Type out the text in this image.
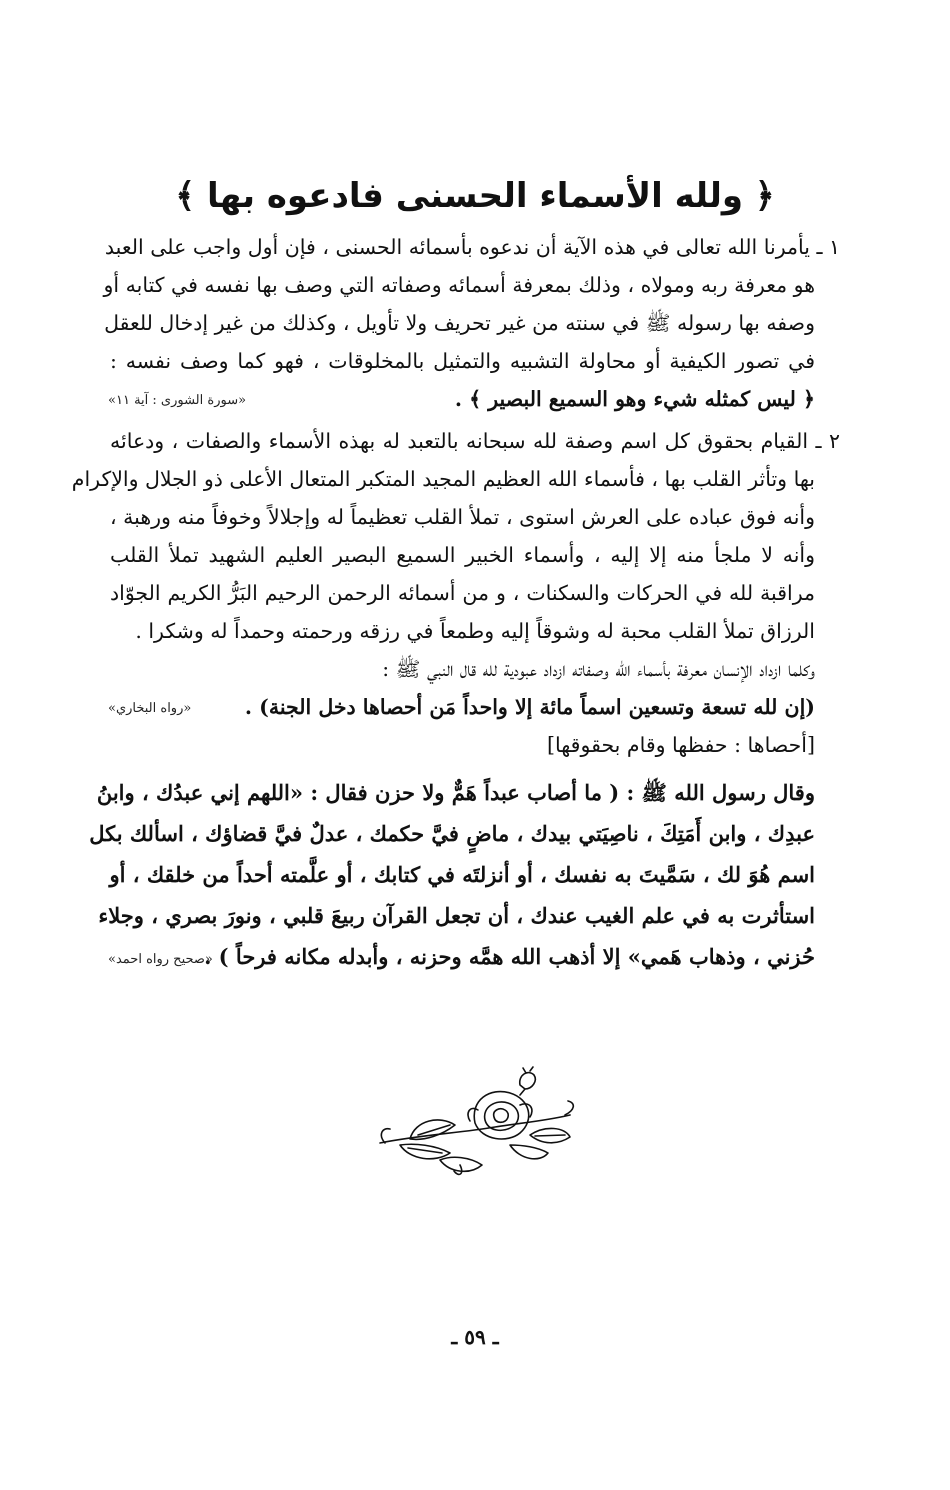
﴿ ولله الأسماء الحسنى فادعوه بها ﴾
١ ـ يأمرنا الله تعالى في هذه الآية أن ندعوه بأسمائه الحسنى ، فإن أول واجب على العبد
هو معرفة ربه ومولاه ، وذلك بمعرفة أسمائه وصفاته التي وصف بها نفسه في كتابه أو
وصفه بها رسوله ﷺ في سنته من غير تحريف ولا تأويل ، وكذلك من غير إدخال للعقل
في تصور الكيفية أو محاولة التشبيه والتمثيل بالمخلوقات ، فهو كما وصف نفسه :
﴿ ليس كمثله شيء وهو السميع البصير ﴾ .
«سورة الشورى : آية ١١»
٢ ـ القيام بحقوق كل اسم وصفة لله سبحانه بالتعبد له بهذه الأسماء والصفات ، ودعائه
بها وتأثر القلب بها ، فأسماء الله العظيم المجيد المتكبر المتعال الأعلى ذو الجلال والإكرام
وأنه فوق عباده على العرش استوى ، تملأ القلب تعظيماً له وإجلالاً وخوفاً منه ورهبة ،
وأنه لا ملجأ منه إلا إليه ، وأسماء الخبير السميع البصير العليم الشهيد تملأ القلب
مراقبة لله في الحركات والسكنات ، و من أسمائه الرحمن الرحيم البَرُّ الكريم الجوّاد
الرزاق تملأ القلب محبة له وشوقاً إليه وطمعاً في رزقه ورحمته وحمداً له وشكرا .
وكلما ازداد الإنسان معرفة بأسماء الله وصفاته ازداد عبودية لله قال النبي ﷺ :
(إن لله تسعة وتسعين اسماً مائة إلا واحداً مَن أحصاها دخل الجنة) .
«رواه البخاري»
[أحصاها : حفظها وقام بحقوقها]
وقال رسول الله ﷺ : ( ما أصاب عبداً هَمٌّ ولا حزن فقال : «اللهم إني عبدُك ، وابنُ
عبدِك ، وابن أَمَتِكَ ، ناصِيَتي بيدك ، ماضٍ فيَّ حكمك ، عدلٌ فيَّ قضاؤك ، اسألك بكل
اسم هُوَ لك ، سَمَّيتَ به نفسك ، أو أنزلتَه في كتابك ، أو علَّمته أحداً من خلقك ، أو
استأثرت به في علم الغيب عندك ، أن تجعل القرآن ربيعَ قلبي ، ونورَ بصري ، وجلاء
حُزني ، وذهاب هَمي» إلا أذهب الله همَّه وحزنه ، وأبدله مكانه فرحاً ) .
«صحيح رواه احمد»
ـ ٥٩ ـ
